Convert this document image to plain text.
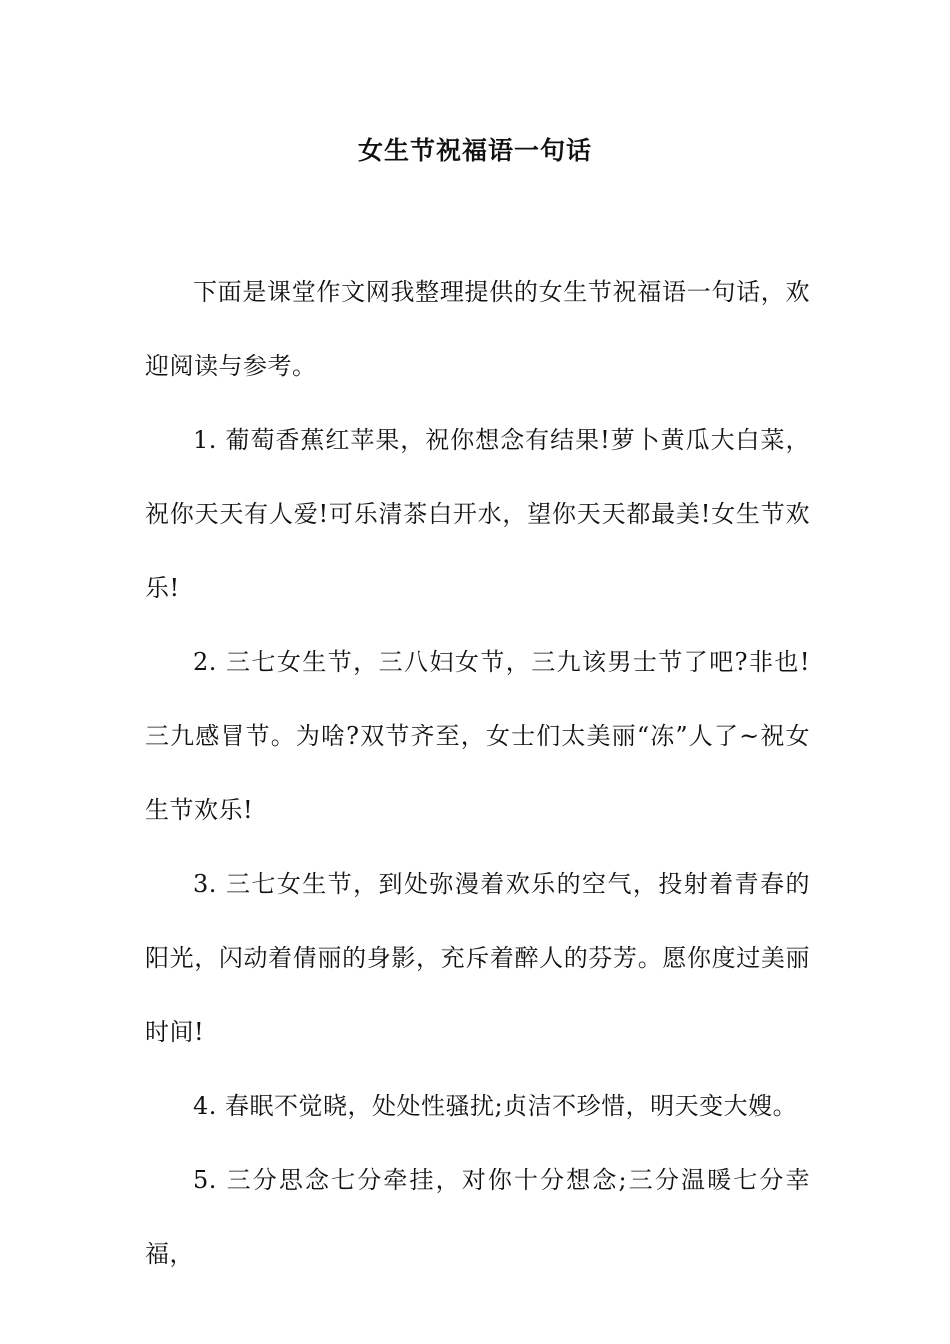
女生节祝福语一句话

下面是课堂作文网我整理提供的女生节祝福语一句话，欢迎阅读与参考。

1. 葡萄香蕉红苹果，祝你想念有结果!萝卜黄瓜大白菜，祝你天天有人爱!可乐清茶白开水，望你天天都最美!女生节欢乐!

2. 三七女生节，三八妇女节，三九该男士节了吧?非也!三九感冒节。为啥?双节齐至，女士们太美丽“冻”人了~祝女生节欢乐!

3. 三七女生节，到处弥漫着欢乐的空气，投射着青春的阳光，闪动着倩丽的身影，充斥着醉人的芬芳。愿你度过美丽时间!

4. 春眠不觉晓，处处性骚扰;贞洁不珍惜，明天变大嫂。

5. 三分思念七分牵挂，对你十分想念;三分温暖七分幸福，
